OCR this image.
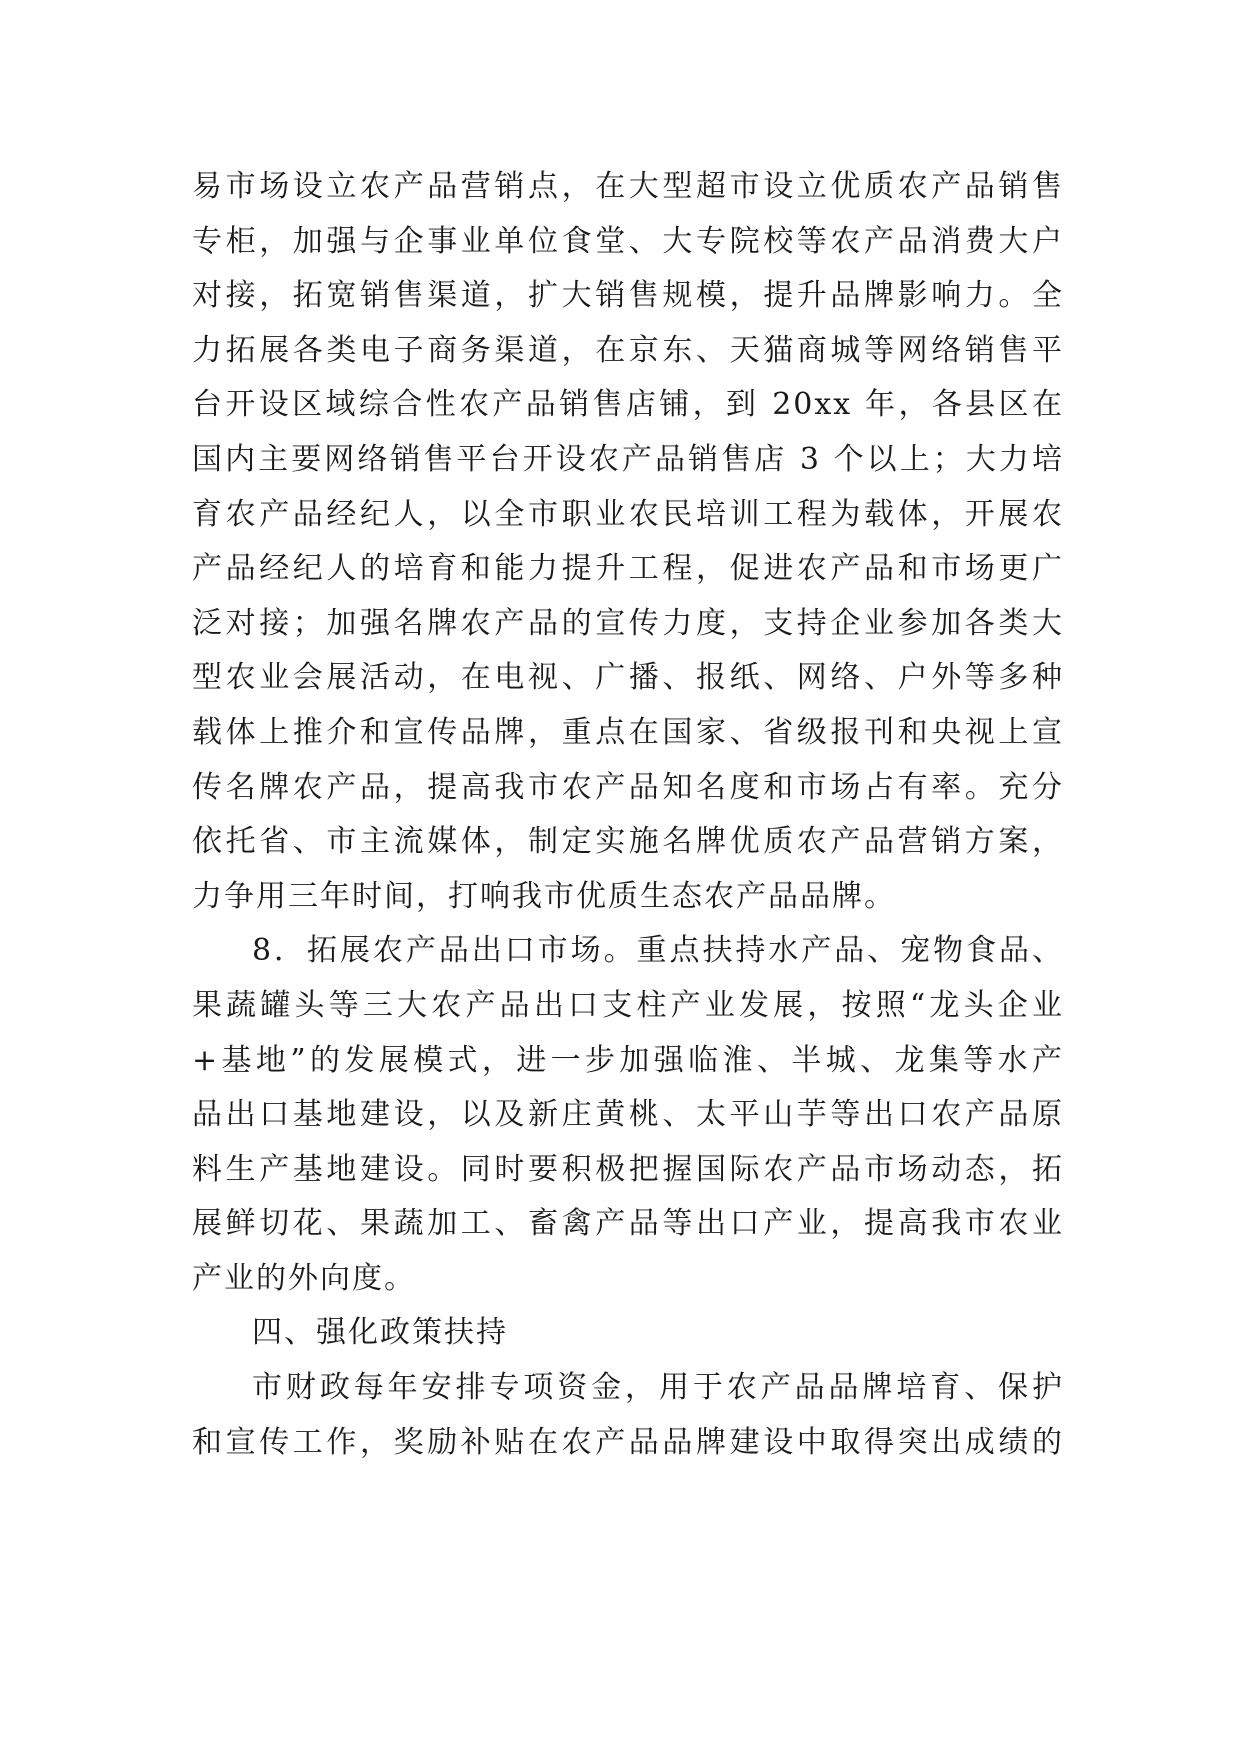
易市场设立农产品营销点，在大型超市设立优质农产品销售
专柜，加强与企事业单位食堂、大专院校等农产品消费大户
对接，拓宽销售渠道，扩大销售规模，提升品牌影响力。全
力拓展各类电子商务渠道，在京东、天猫商城等网络销售平
台开设区域综合性农产品销售店铺，到 20xx 年，各县区在
国内主要网络销售平台开设农产品销售店 3 个以上；大力培
育农产品经纪人，以全市职业农民培训工程为载体，开展农
产品经纪人的培育和能力提升工程，促进农产品和市场更广
泛对接；加强名牌农产品的宣传力度，支持企业参加各类大
型农业会展活动，在电视、广播、报纸、网络、户外等多种
载体上推介和宣传品牌，重点在国家、省级报刊和央视上宣
传名牌农产品，提高我市农产品知名度和市场占有率。充分
依托省、市主流媒体，制定实施名牌优质农产品营销方案，
力争用三年时间，打响我市优质生态农产品品牌。
8．拓展农产品出口市场。重点扶持水产品、宠物食品、
果蔬罐头等三大农产品出口支柱产业发展，按照“龙头企业
+基地”的发展模式，进一步加强临淮、半城、龙集等水产
品出口基地建设，以及新庄黄桃、太平山芋等出口农产品原
料生产基地建设。同时要积极把握国际农产品市场动态，拓
展鲜切花、果蔬加工、畜禽产品等出口产业，提高我市农业
产业的外向度。
四、强化政策扶持
市财政每年安排专项资金，用于农产品品牌培育、保护
和宣传工作，奖励补贴在农产品品牌建设中取得突出成绩的
